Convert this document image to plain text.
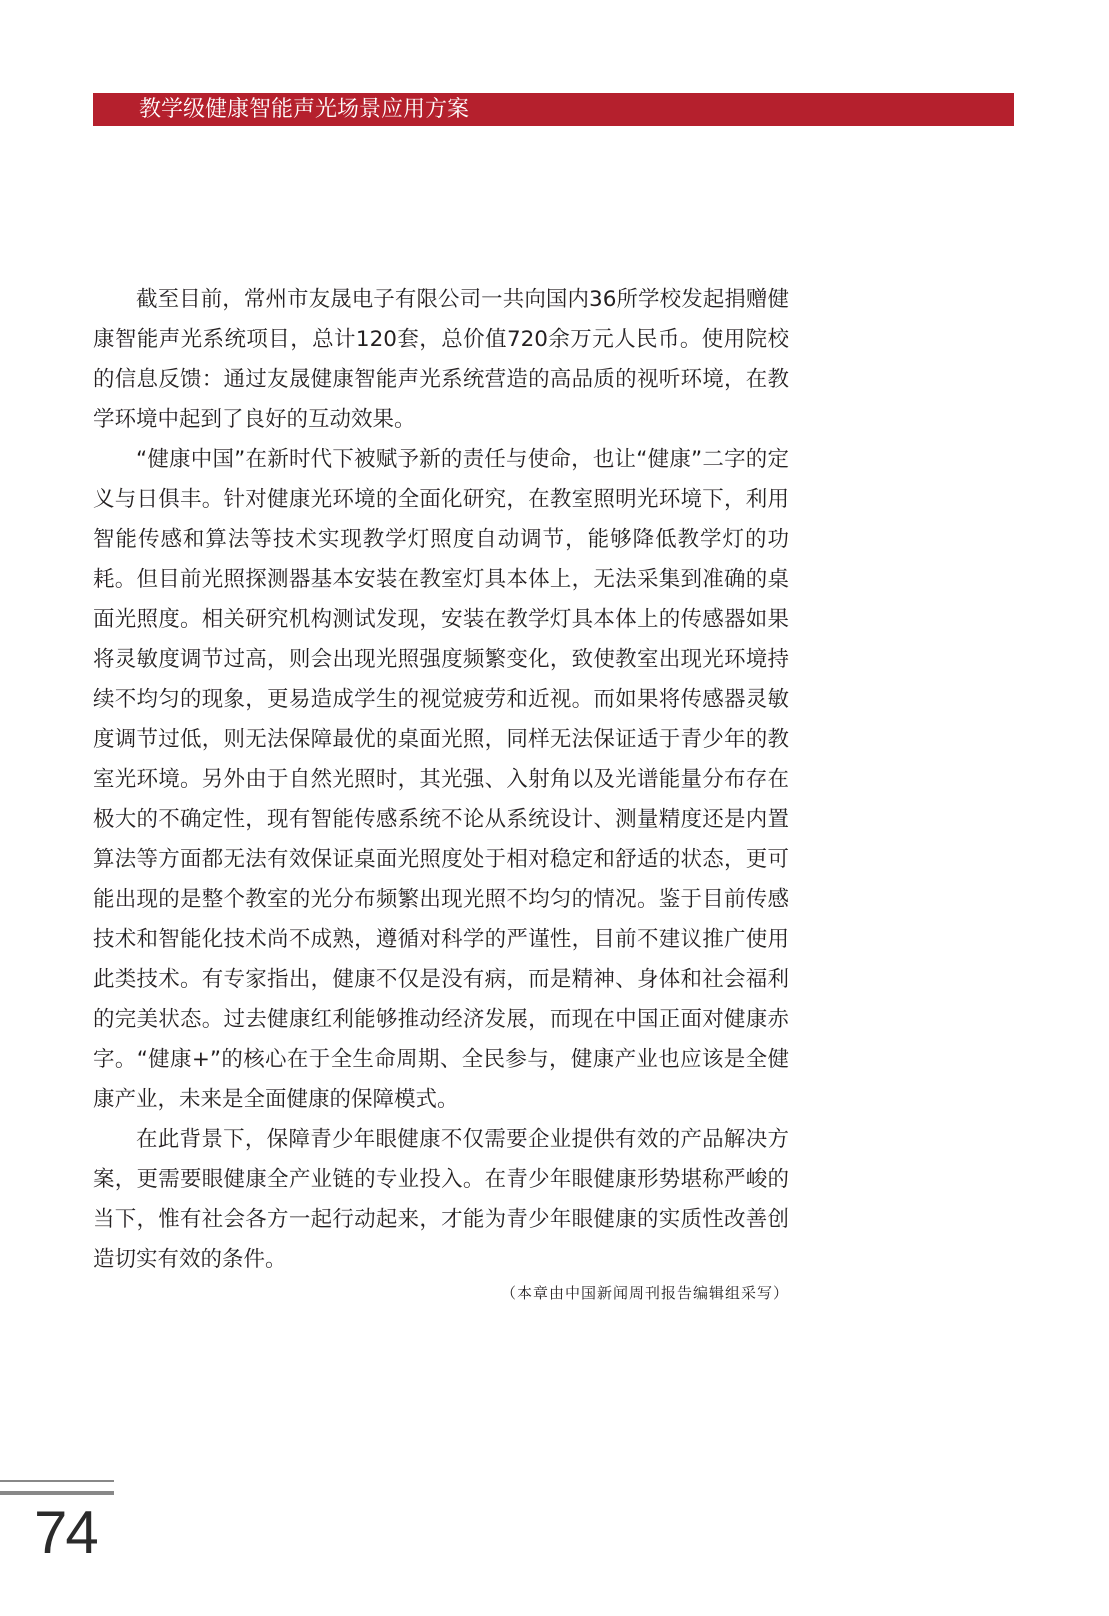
教学级健康智能声光场景应用方案

截至目前，常州市友晟电子有限公司一共向国内36所学校发起捐赠健康智能声光系统项目，总计120套，总价值720余万元人民币。使用院校的信息反馈：通过友晟健康智能声光系统营造的高品质的视听环境，在教学环境中起到了良好的互动效果。

“健康中国”在新时代下被赋予新的责任与使命，也让“健康”二字的定义与日俱丰。针对健康光环境的全面化研究，在教室照明光环境下，利用智能传感和算法等技术实现教学灯照度自动调节，能够降低教学灯的功耗。但目前光照探测器基本安装在教室灯具本体上，无法采集到准确的桌面光照度。相关研究机构测试发现，安装在教学灯具本体上的传感器如果将灵敏度调节过高，则会出现光照强度频繁变化，致使教室出现光环境持续不均匀的现象，更易造成学生的视觉疲劳和近视。而如果将传感器灵敏度调节过低，则无法保障最优的桌面光照，同样无法保证适于青少年的教室光环境。另外由于自然光照时，其光强、入射角以及光谱能量分布存在极大的不确定性，现有智能传感系统不论从系统设计、测量精度还是内置算法等方面都无法有效保证桌面光照度处于相对稳定和舒适的状态，更可能出现的是整个教室的光分布频繁出现光照不均匀的情况。鉴于目前传感技术和智能化技术尚不成熟，遵循对科学的严谨性，目前不建议推广使用此类技术。有专家指出，健康不仅是没有病，而是精神、身体和社会福利的完美状态。过去健康红利能够推动经济发展，而现在中国正面对健康赤字。“健康+”的核心在于全生命周期、全民参与，健康产业也应该是全健康产业，未来是全面健康的保障模式。

在此背景下，保障青少年眼健康不仅需要企业提供有效的产品解决方案，更需要眼健康全产业链的专业投入。在青少年眼健康形势堪称严峻的当下，惟有社会各方一起行动起来，才能为青少年眼健康的实质性改善创造切实有效的条件。

（本章由中国新闻周刊报告编辑组采写）
74
